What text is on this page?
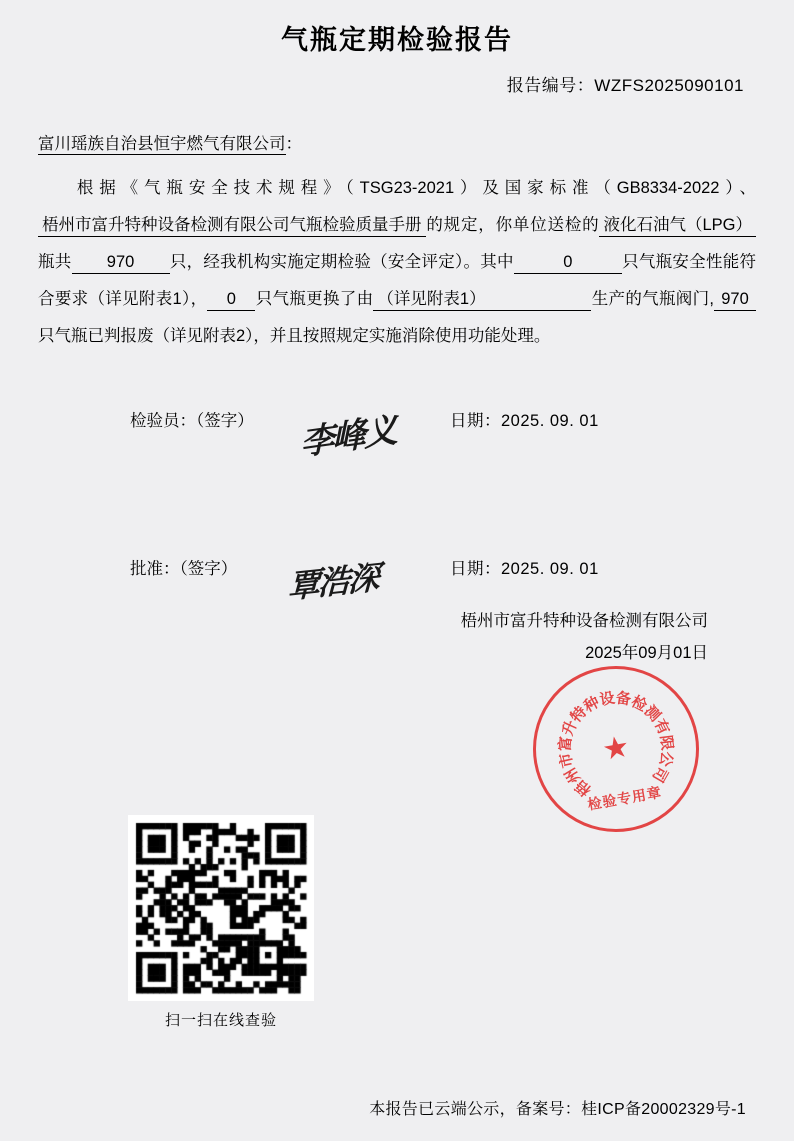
气瓶定期检验报告
报告编号：WZFS2025090101
富川瑶族自治县恒宇燃气有限公司：
根据《气瓶安全技术规程》（TSG23-2021）及国家标准（GB8334-2022）、梧州市富升特种设备检测有限公司气瓶检验质量手册 的规定，你单位送检的 液化石油气（LPG）瓶共 970 只，经我机构实施定期检验（安全评定）。其中	0	只气瓶安全性能符合要求（详见附表1）， 0 只气瓶更换了由 （详见附表1）	生产的气瓶阀门, 970只气瓶已判报废（详见附表2），并且按照规定实施消除使用功能处理。
检验员：（签字） 李峰义	日期：2025. 09. 01
批准：（签字） 覃浩深	日期：2025. 09. 01
梧州市富升特种设备检测有限公司
2025年09月01日
梧
州
市
富
升
特
种
设
备
检
测
有
限
公
司
★
检验专用章
扫一扫在线查验
本报告已云端公示，备案号：桂ICP备20002329号-1
